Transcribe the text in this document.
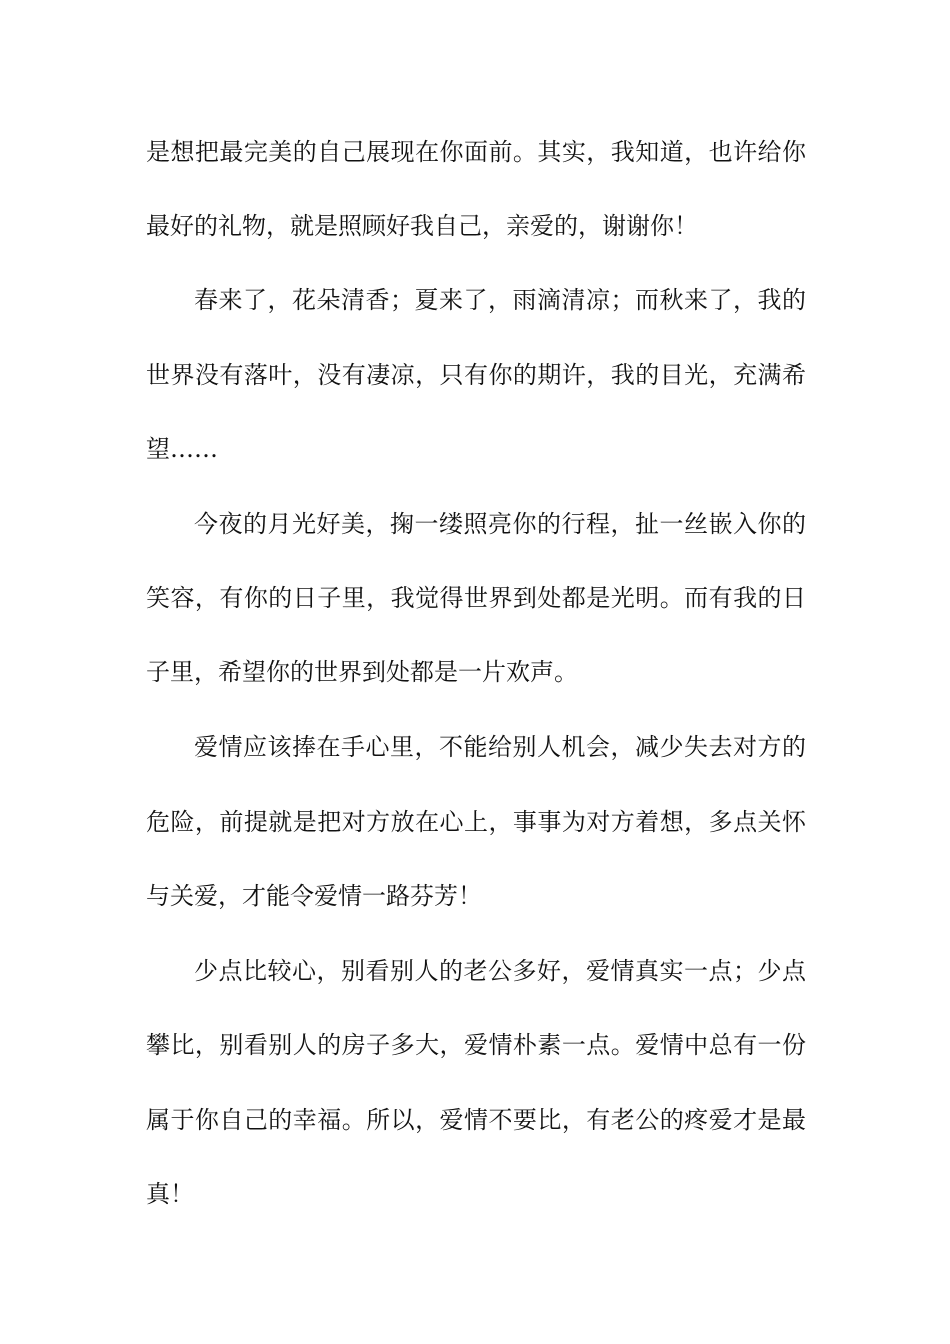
是想把最完美的自己展现在你面前。其实，我知道，也许给你
最好的礼物，就是照顾好我自己，亲爱的，谢谢你！
春来了，花朵清香；夏来了，雨滴清凉；而秋来了，我的
世界没有落叶，没有凄凉，只有你的期许，我的目光，充满希
望……
今夜的月光好美，掬一缕照亮你的行程，扯一丝嵌入你的
笑容，有你的日子里，我觉得世界到处都是光明。而有我的日
子里，希望你的世界到处都是一片欢声。
爱情应该捧在手心里，不能给别人机会，减少失去对方的
危险，前提就是把对方放在心上，事事为对方着想，多点关怀
与关爱，才能令爱情一路芬芳！
少点比较心，别看别人的老公多好，爱情真实一点；少点
攀比，别看别人的房子多大，爱情朴素一点。爱情中总有一份
属于你自己的幸福。所以，爱情不要比，有老公的疼爱才是最
真！
